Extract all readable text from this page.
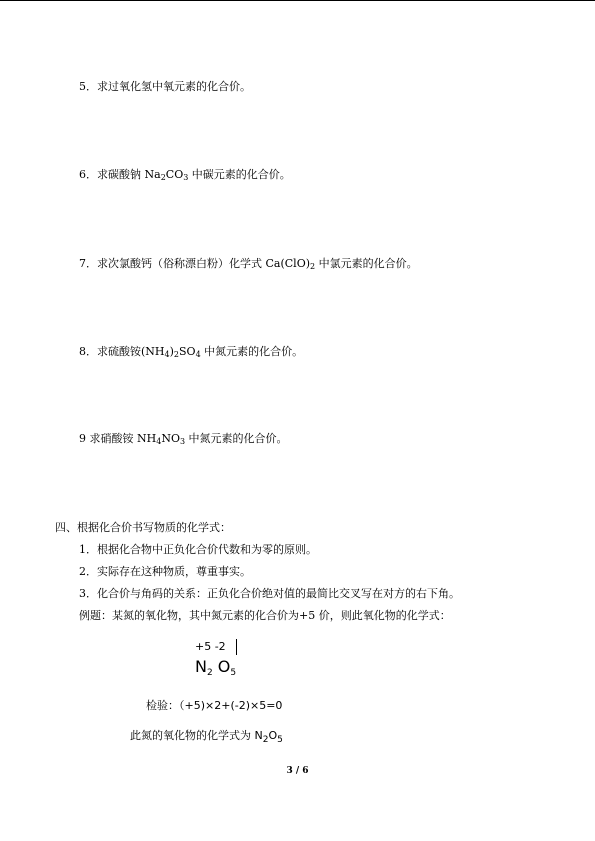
5．求过氧化氢中氧元素的化合价。
6．求碳酸钠 $Na_2CO_3$ 中碳元素的化合价。
7．求次氯酸钙（俗称漂白粉）化学式 $Ca(ClO)_2$ 中氯元素的化合价。
8．求硫酸铵$(NH_4)_2SO_4$ 中氮元素的化合价。
9 求硝酸铵 $NH_4NO_3$ 中氮元素的化合价。
四、根据化合价书写物质的化学式：
1．根据化合物中正负化合价代数和为零的原则。
2．实际存在这种物质，尊重事实。
3．化合价与角码的关系：正负化合价绝对值的最简比交叉写在对方的右下角。
例题：某氮的氧化物，其中氮元素的化合价为+5 价，则此氧化物的化学式：
+5 -2
$N_2$ $O_5$
检验：（+5)×2+(-2)×5=0
此氮的氧化物的化学式为 $N_2O_5$
3 / 6
